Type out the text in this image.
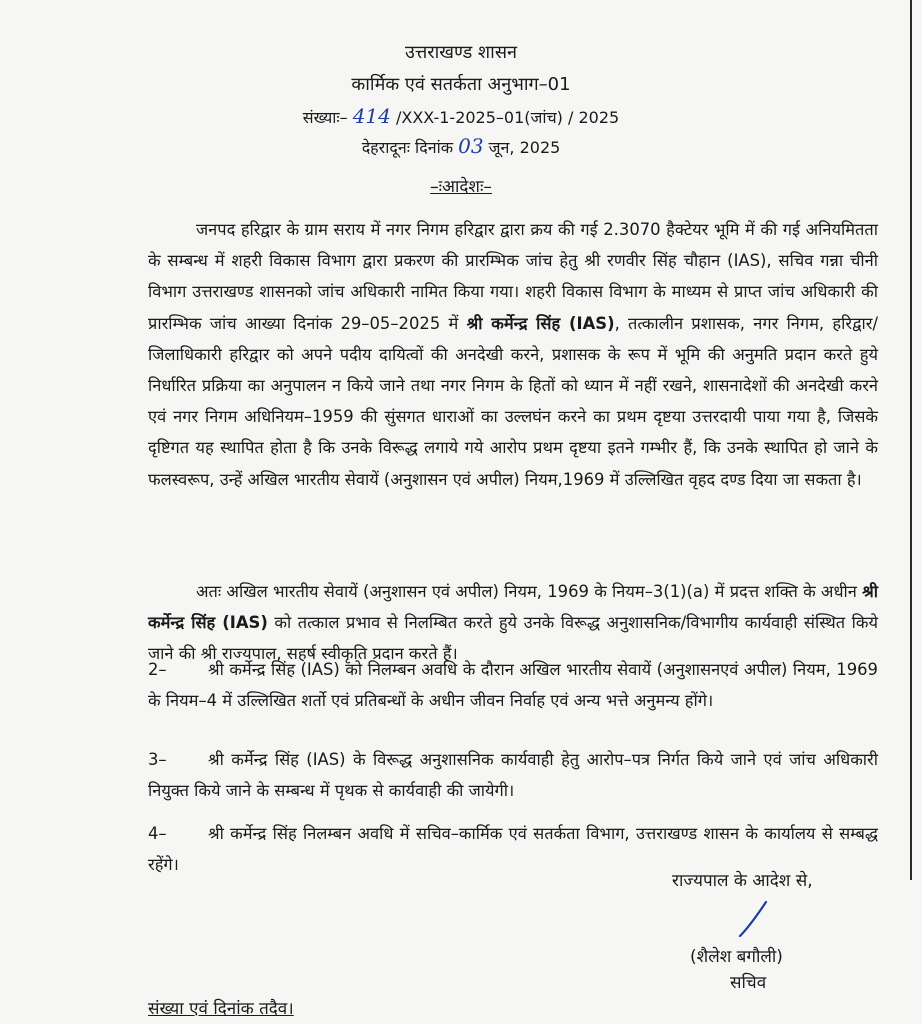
उत्तराखण्ड शासन
कार्मिक एवं सतर्कता अनुभाग–01
संख्याः– 414 /XXX-1-2025–01(जांच) / 2025
देहरादूनः दिनांक 03 जून, 2025
–ःआदेशः–
जनपद हरिद्वार के ग्राम सराय में नगर निगम हरिद्वार द्वारा क्रय की गई 2.3070 हैक्टेयर भूमि में की गई अनियमितता के सम्बन्ध में शहरी विकास विभाग द्वारा प्रकरण की प्रारम्भिक जांच हेतु श्री रणवीर सिंह चौहान (IAS), सचिव गन्ना चीनी विभाग उत्तराखण्ड शासनको जांच अधिकारी नामित किया गया। शहरी विकास विभाग के माध्यम से प्राप्त जांच अधिकारी की प्रारम्भिक जांच आख्या दिनांक 29–05–2025 में श्री कर्मेन्द्र सिंह (IAS), तत्कालीन प्रशासक, नगर निगम, हरिद्वार/ जिलाधिकारी हरिद्वार को अपने पदीय दायित्वों की अनदेखी करने, प्रशासक के रूप में भूमि की अनुमति प्रदान करते हुये निर्धारित प्रक्रिया का अनुपालन न किये जाने तथा नगर निगम के हितों को ध्यान में नहीं रखने, शासनादेशों की अनदेखी करने एवं नगर निगम अधिनियम–1959 की सुंसगत धाराओं का उल्लघंन करने का प्रथम दृष्टया उत्तरदायी पाया गया है, जिसके दृष्टिगत यह स्थापित होता है कि उनके विरूद्ध लगाये गये आरोप प्रथम दृष्टया इतने गम्भीर हैं, कि उनके स्थापित हो जाने के फलस्वरूप, उन्हें अखिल भारतीय सेवायें (अनुशासन एवं अपील) नियम,1969 में उल्लिखित वृहद दण्ड दिया जा सकता है।
अतः अखिल भारतीय सेवायें (अनुशासन एवं अपील) नियम, 1969 के नियम–3(1)(a) में प्रदत्त शक्ति के अधीन श्री कर्मेन्द्र सिंह (IAS) को तत्काल प्रभाव से निलम्बित करते हुये उनके विरूद्ध अनुशासनिक/विभागीय कार्यवाही संस्थित किये जाने की श्री राज्यपाल, सहर्ष स्वीकृति प्रदान करते हैं।
2–	श्री कर्मेन्द्र सिंह (IAS) को निलम्बन अवधि के दौरान अखिल भारतीय सेवायें (अनुशासनएवं अपील) नियम, 1969 के नियम–4 में उल्लिखित शर्तो एवं प्रतिबन्धों के अधीन जीवन निर्वाह एवं अन्य भत्ते अनुमन्य होंगे।
3–	श्री कर्मेन्द्र सिंह (IAS) के विरूद्ध अनुशासनिक कार्यवाही हेतु आरोप–पत्र निर्गत किये जाने एवं जांच अधिकारी नियुक्त किये जाने के सम्बन्ध में पृथक से कार्यवाही की जायेगी।
4–	श्री कर्मेन्द्र सिंह निलम्बन अवधि में सचिव–कार्मिक एवं सतर्कता विभाग, उत्तराखण्ड शासन के कार्यालय से सम्बद्ध रहेंगे।
राज्यपाल के आदेश से,
(शैलेश बगौली)
सचिव
संख्या एवं दिनांक तदैव।
